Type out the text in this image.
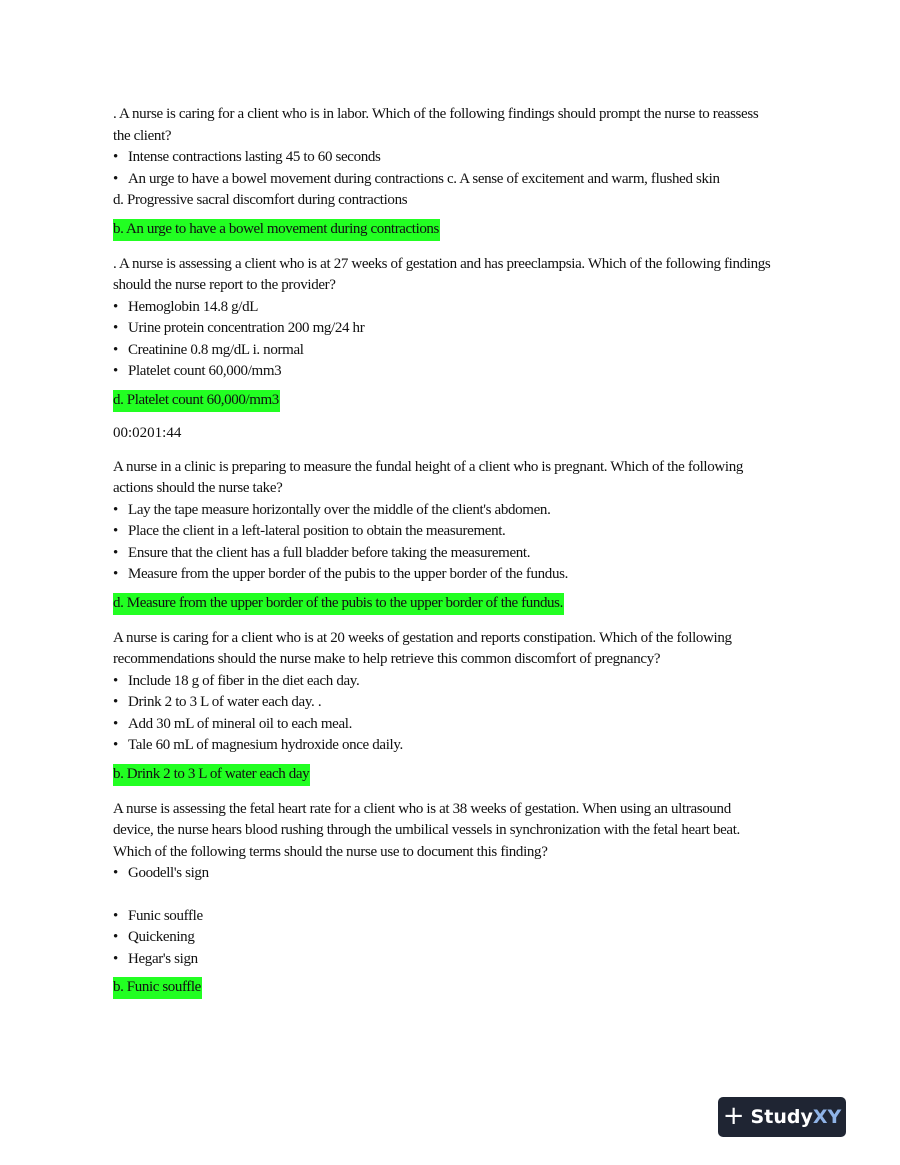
. A nurse is caring for a client who is in labor. Which of the following findings should prompt the nurse to reassess

the client?

• Intense contractions lasting 45 to 60 seconds
• An urge to have a bowel movement during contractions c. A sense of excitement and warm, flushed skin
d. Progressive sacral discomfort during contractions
b. An urge to have a bowel movement during contractions

. A nurse is assessing a client who is at 27 weeks of gestation and has preeclampsia. Which of the following findings

should the nurse report to the provider?

• Hemoglobin 14.8 g/dL
• Urine protein concentration 200 mg/24 hr
• Creatinine 0.8 mg/dL i. normal
• Platelet count 60,000/mm3
d. Platelet count 60,000/mm3

00:0201:44

A nurse in a clinic is preparing to measure the fundal height of a client who is pregnant. Which of the following

actions should the nurse take?

• Lay the tape measure horizontally over the middle of the client's abdomen.
• Place the client in a left-lateral position to obtain the measurement.
• Ensure that the client has a full bladder before taking the measurement.
• Measure from the upper border of the pubis to the upper border of the fundus.
d. Measure from the upper border of the pubis to the upper border of the fundus.

A nurse is caring for a client who is at 20 weeks of gestation and reports constipation. Which of the following

recommendations should the nurse make to help retrieve this common discomfort of pregnancy?

• Include 18 g of fiber in the diet each day.
• Drink 2 to 3 L of water each day. .
• Add 30 mL of mineral oil to each meal.
• Tale 60 mL of magnesium hydroxide once daily.
b. Drink 2 to 3 L of water each day

A nurse is assessing the fetal heart rate for a client who is at 38 weeks of gestation. When using an ultrasound

device, the nurse hears blood rushing through the umbilical vessels in synchronization with the fetal heart beat.

Which of the following terms should the nurse use to document this finding?

• Goodell's sign
• Funic souffle
• Quickening
• Hegar's sign
b. Funic souffle
+ StudyXY
